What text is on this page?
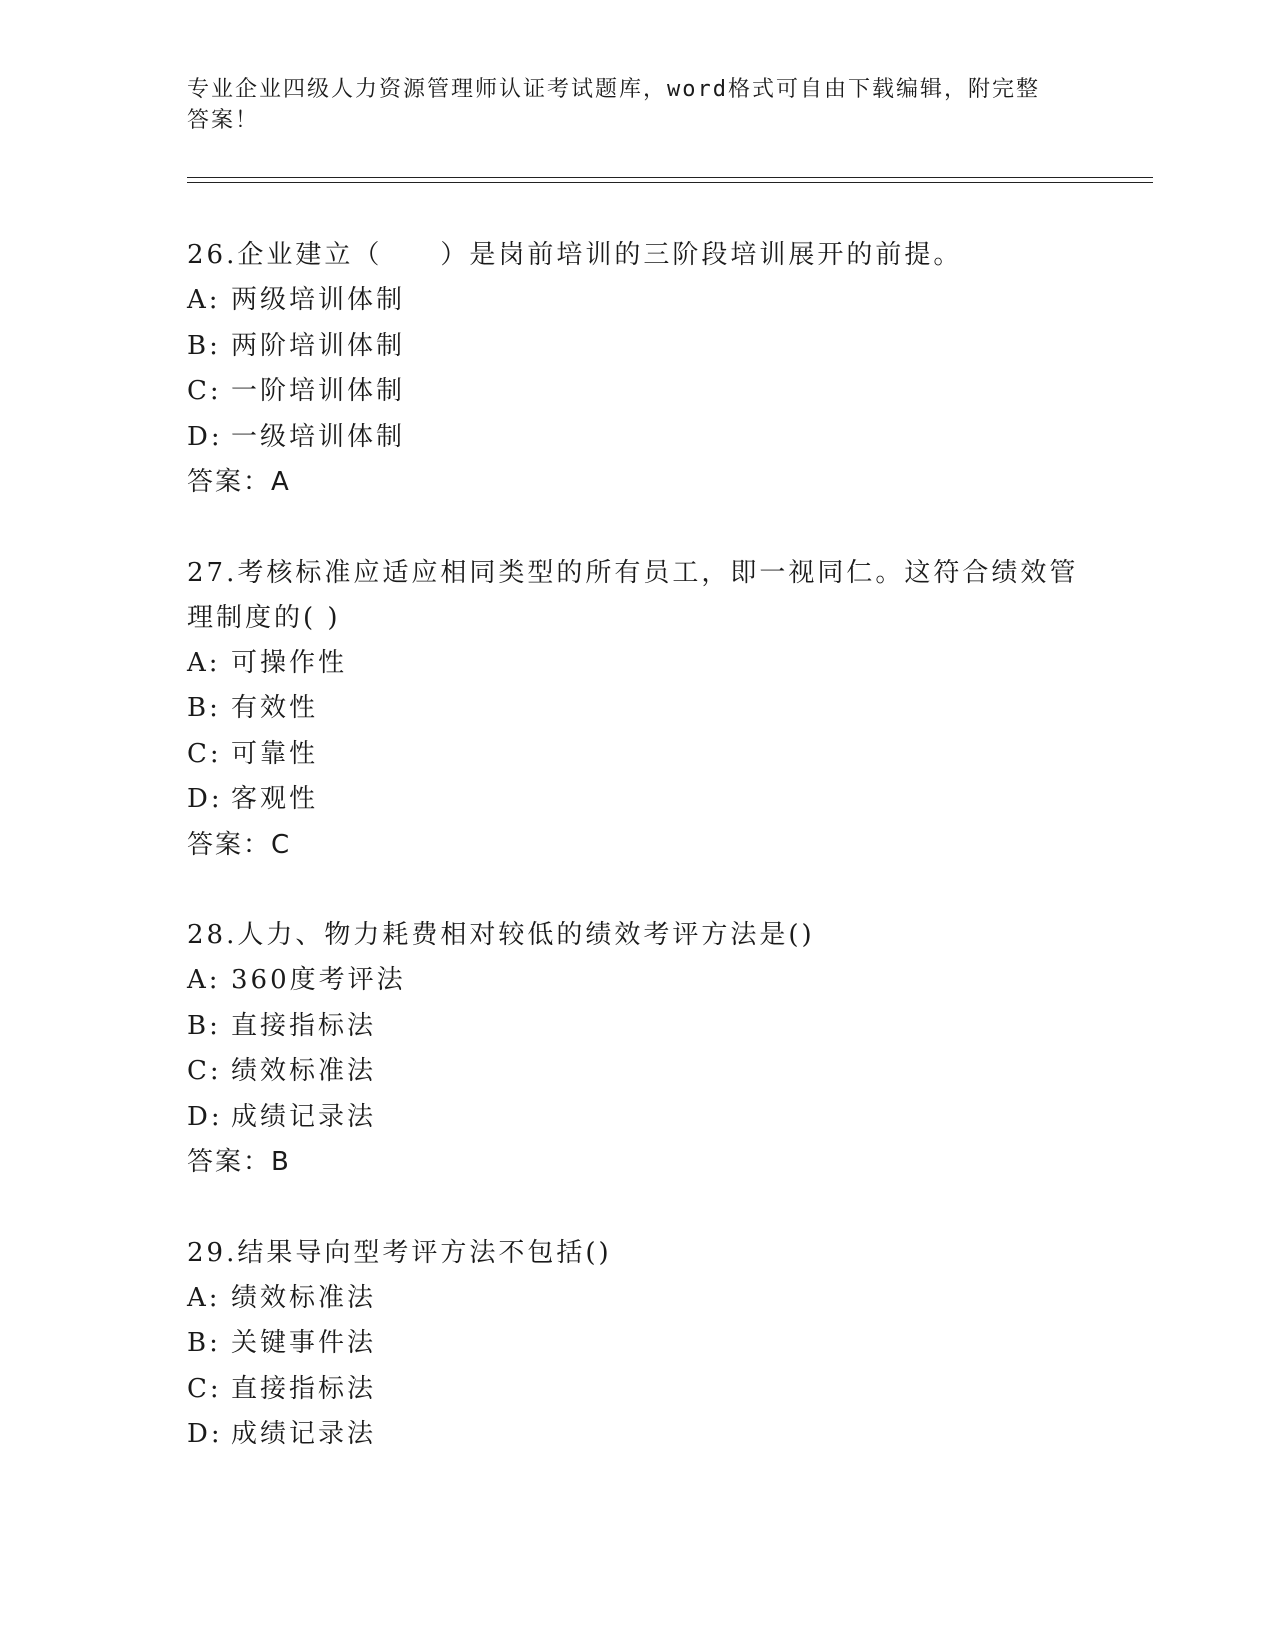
专业企业四级人力资源管理师认证考试题库，word格式可自由下载编辑，附完整
答案！
26.企业建立（　　）是岗前培训的三阶段培训展开的前提。
A: 两级培训体制
B: 两阶培训体制
C: 一阶培训体制
D: 一级培训体制
答案：A
27.考核标准应适应相同类型的所有员工，即一视同仁。这符合绩效管
理制度的( )
A: 可操作性
B: 有效性
C: 可靠性
D: 客观性
答案：C
28.人力、物力耗费相对较低的绩效考评方法是()
A: 360度考评法
B: 直接指标法
C: 绩效标准法
D: 成绩记录法
答案：B
29.结果导向型考评方法不包括()
A: 绩效标准法
B: 关键事件法
C: 直接指标法
D: 成绩记录法
